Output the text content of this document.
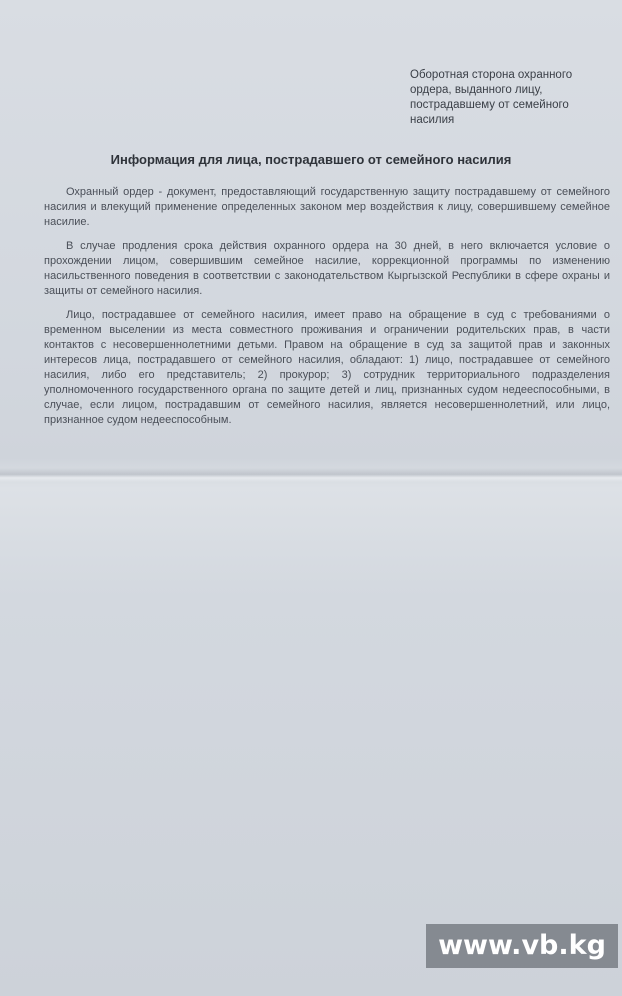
Оборотная сторона охранного
ордера, выданного лицу,
пострадавшему от семейного
насилия
Информация для лица, пострадавшего от семейного насилия

Охранный ордер - документ, предоставляющий государственную защиту пострадавшему от семейного насилия и влекущий применение определенных законом мер воздействия к лицу, совершившему семейное насилие.

В случае продления срока действия охранного ордера на 30 дней, в него включается условие о прохождении лицом, совершившим семейное насилие, коррекционной программы по изменению насильственного поведения в соответствии с законодательством Кыргызской Республики в сфере охраны и защиты от семейного насилия.

Лицо, пострадавшее от семейного насилия, имеет право на обращение в суд с требованиями о временном выселении из места совместного проживания и ограничении родительских прав, в части контактов с несовершеннолетними детьми. Правом на обращение в суд за защитой прав и законных интересов лица, пострадавшего от семейного насилия, обладают: 1) лицо, пострадавшее от семейного насилия, либо его представитель; 2) прокурор; 3) сотрудник территориального подразделения уполномоченного государственного органа по защите детей и лиц, признанных судом недееспособными, в случае, если лицом, пострадавшим от семейного насилия, является несовершеннолетний, или лицо, признанное судом недееспособным.

www.vb.kg
